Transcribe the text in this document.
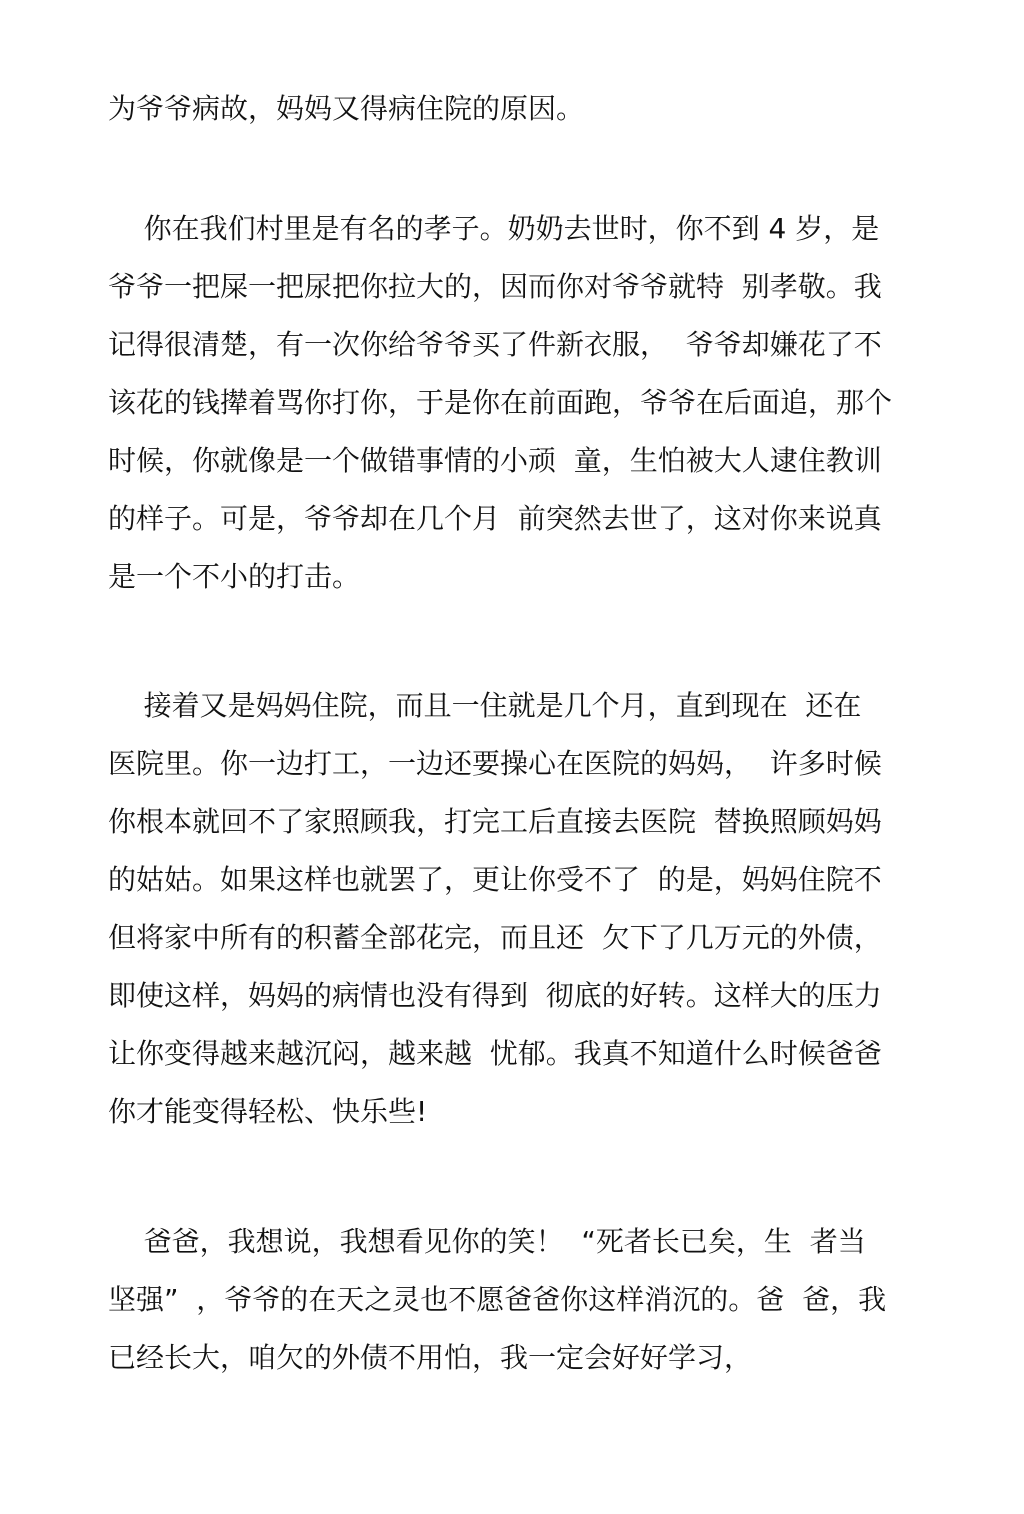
为爷爷病故，妈妈又得病住院的原因。
你在我们村里是有名的孝子。奶奶去世时，你不到 4 岁，是
爷爷一把屎一把尿把你拉大的，因而你对爷爷就特  别孝敬。我
记得很清楚，有一次你给爷爷买了件新衣服，  爷爷却嫌花了不
该花的钱撵着骂你打你，于是你在前面跑，爷爷在后面追，那个
时候，你就像是一个做错事情的小顽  童，生怕被大人逮住教训
的样子。可是，爷爷却在几个月  前突然去世了，这对你来说真
是一个不小的打击。
接着又是妈妈住院，而且一住就是几个月，直到现在  还在
医院里。你一边打工，一边还要操心在医院的妈妈，  许多时候
你根本就回不了家照顾我，打完工后直接去医院  替换照顾妈妈
的姑姑。如果这样也就罢了，更让你受不了  的是，妈妈住院不
但将家中所有的积蓄全部花完，而且还  欠下了几万元的外债，
即使这样，妈妈的病情也没有得到  彻底的好转。这样大的压力
让你变得越来越沉闷，越来越  忧郁。我真不知道什么时候爸爸
你才能变得轻松、快乐些!
爸爸，我想说，我想看见你的笑！  “死者长已矣，生  者当
坚强”  ，爷爷的在天之灵也不愿爸爸你这样消沉的。爸  爸，我
已经长大，咱欠的外债不用怕，我一定会好好学习，
